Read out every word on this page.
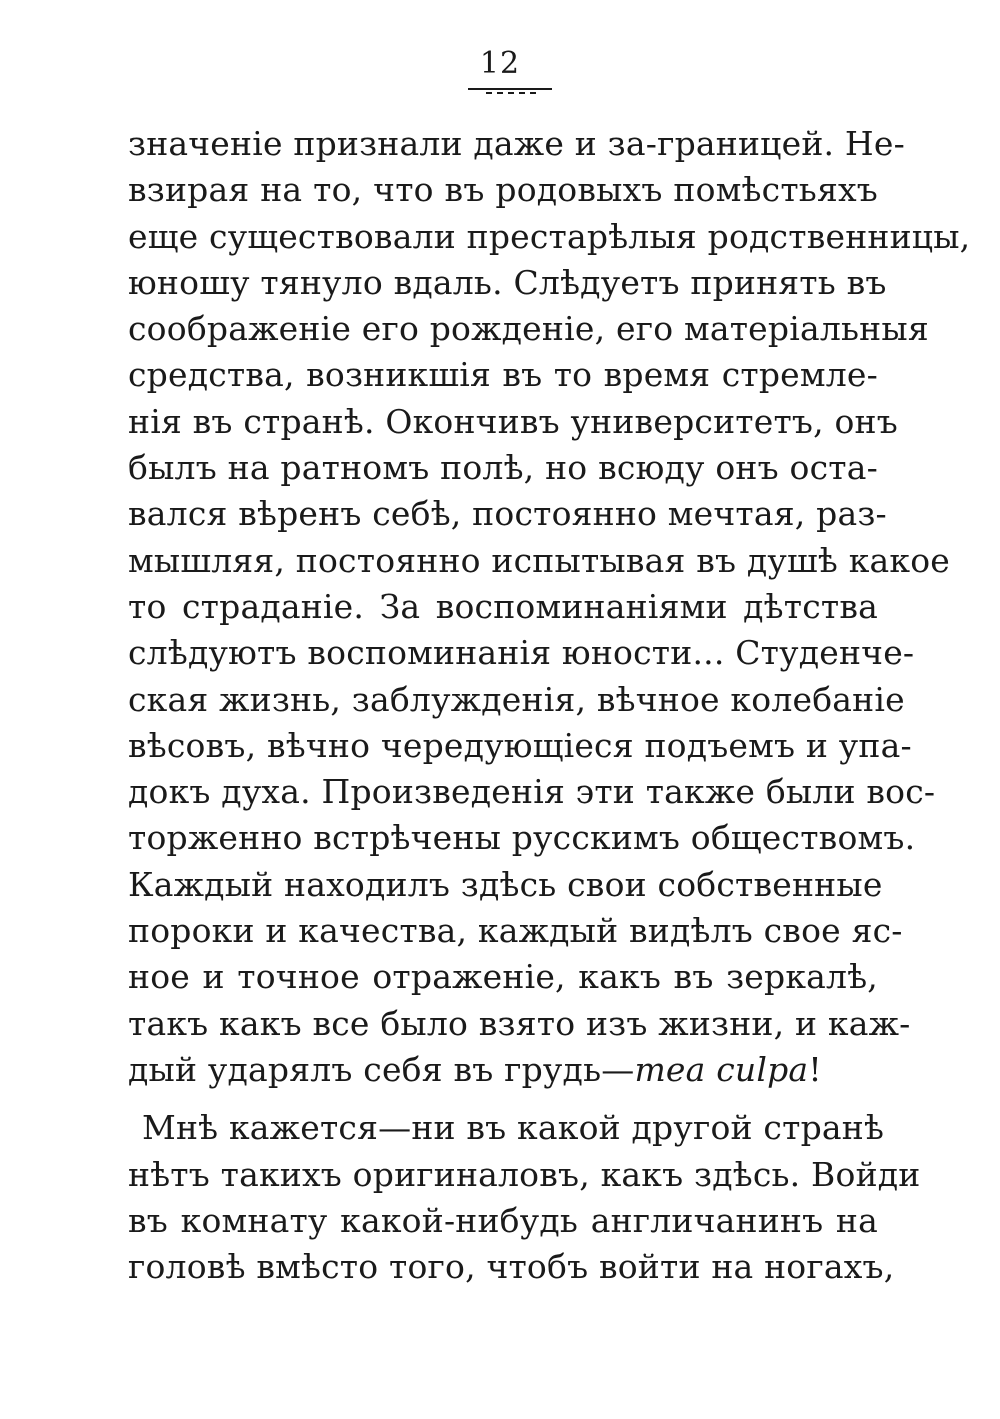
12
значеніе признали даже и за-границей. Не-
взирая на то, что въ родовыхъ помѣстьяхъ
еще существовали престарѣлыя родственницы,
юношу тянуло вдаль. Слѣдуетъ принять въ
соображеніе его рожденіе, его матеріальныя
средства, возникшія въ то время стремле-
нія въ странѣ. Окончивъ университетъ, онъ
былъ на ратномъ полѣ, но всюду онъ оста-
вался вѣренъ себѣ, постоянно мечтая, раз-
мышляя, постоянно испытывая въ душѣ какое
то страданіе. За воспоминаніями дѣтства
слѣдуютъ воспоминанія юности... Студенче-
ская жизнь, заблужденія, вѣчное колебаніе
вѣсовъ, вѣчно чередующіеся подъемъ и упа-
докъ духа. Произведенія эти также были вос-
торженно встрѣчены русскимъ обществомъ.
Каждый находилъ здѣсь свои собственные
пороки и качества, каждый видѣлъ свое яс-
ное и точное отраженіе, какъ въ зеркалѣ,
такъ какъ все было взято изъ жизни, и каж-
дый ударялъ себя въ грудь—mea culpa!
Мнѣ кажется—ни въ какой другой странѣ
нѣтъ такихъ оригиналовъ, какъ здѣсь. Войди
въ комнату какой-нибудь англичанинъ на
головѣ вмѣсто того, чтобъ войти на ногахъ,
